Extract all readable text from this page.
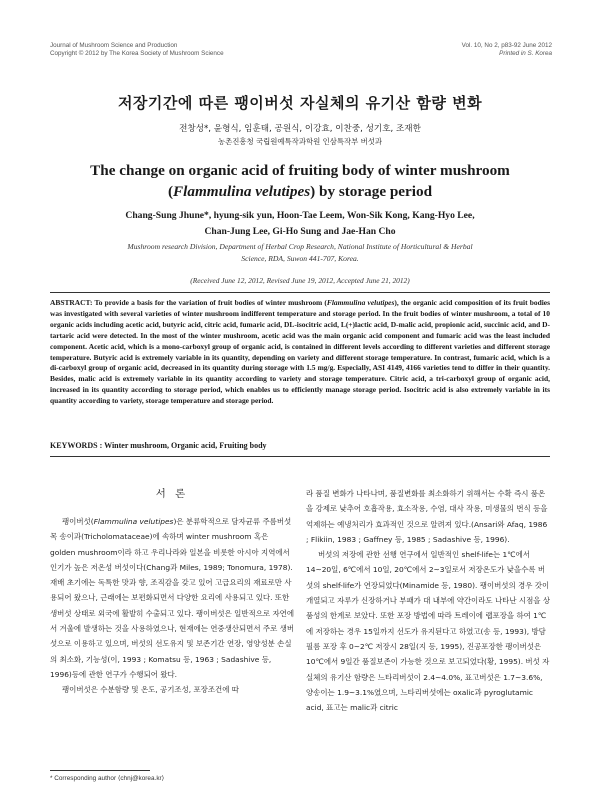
Journal of Mushroom Science and Production
Copyright © 2012 by The Korea Society of Mushroom Science
Vol. 10, No 2, p83-92 June 2012
Printed in S. Korea
저장기간에 따른 팽이버섯 자실체의 유기산 함량 변화
전창성*, 윤형식, 임훈태, 공원식, 이강효, 이찬중, 성기호, 조재한
농촌진흥청 국립원예특작과학원 인삼특작부 버섯과
The change on organic acid of fruiting body of winter mushroom
(Flammulina velutipes) by storage period
Chang-Sung Jhune*, hyung-sik yun, Hoon-Tae Leem, Won-Sik Kong, Kang-Hyo Lee,
Chan-Jung Lee, Gi-Ho Sung and Jae-Han Cho
Mushroom research Division, Department of Herbal Crop Research, National Institute of Horticultural & Herbal
Science, RDA, Suwon 441-707, Korea.
(Received June 12, 2012, Revised June 19, 2012, Accepted June 21, 2012)
ABSTRACT: To provide a basis for the variation of fruit bodies of winter mushroom (Flammulina velutipes), the organic acid composition of its fruit bodies was investigated with several varieties of winter mushroom indifferent temperature and storage period. In the fruit bodies of winter mushroom, a total of 10 organic acids including acetic acid, butyric acid, citric acid, fumaric acid, DL-isocitric acid, L(+)lactic acid, D-malic acid, propionic acid, succinic acid, and D-tartaric acid were detected. In the most of the winter mushroom, acetic acid was the main organic acid component and fumaric acid was the least included component. Acetic acid, which is a mono-carboxyl group of organic acid, is contained in different levels according to different varieties and different storage temperature. Butyric acid is extremely variable in its quantity, depending on variety and different storage temperature. In contrast, fumaric acid, which is a di-carboxyl group of organic acid, decreased in its quantity during storage with 1.5 mg/g. Especially, ASI 4149, 4166 varieties tend to differ in their quantity. Besides, malic acid is extremely variable in its quantity according to variety and storage temperature. Citric acid, a tri-carboxyl group of organic acid, increased in its quantity according to storage period, which enables us to efficiently manage storage period. Isocitric acid is also extremely variable in its quantity according to variety, storage temperature and storage period.
KEYWORDS : Winter mushroom, Organic acid, Fruiting body
서 론

팽이버섯(Flammulina velutipes)은 분류학적으로 담자균류 주름버섯목 송이과(Tricholomataceae)에 속하며 winter mushroom 혹은 golden mushroom이라 하고 우리나라와 일본을 비롯한 아시아 지역에서 인기가 높은 저온성 버섯이다(Chang과 Miles, 1989; Tonomura, 1978). 재배 초기에는 독특한 맛과 향, 조직감을 갖고 있어 고급요리의 재료로만 사용되어 왔으나, 근래에는 보편화되면서 다양한 요리에 사용되고 있다. 또한 생버섯 상태로 외국에 활발히 수출되고 있다. 팽이버섯은 일반적으로 자연에서 겨울에 발생하는 것을 사용하였으나, 현재에는 연중생산되면서 주로 생버섯으로 이용하고 있으며, 버섯의 선도유지 및 보존기간 연장, 영양성분 손실의 최소화, 기능성(이, 1993 ; Komatsu 등, 1963 ; Sadashive 등, 1996)등에 관한 연구가 수행되어 왔다.

팽이버섯은 수분함량 및 온도, 공기조성, 포장조건에 따

라 품질 변화가 나타나며, 품질변화를 최소화하기 위해서는 수확 즉시 품온을 강제로 낮추어 호흡작용, 효소작용, 수염, 대사 작용, 미생물의 번식 등을 억제하는 예냉처리가 효과적인 것으로 알려져 있다.(Ansari와 Afaq, 1986 ; Flikiin, 1983 ; Gaffney 등, 1985 ; Sadashive 등, 1996).

버섯의 저장에 관한 선행 연구에서 일반적인 shelf-life는 1℃에서 14~20일, 6℃에서 10일, 20℃에서 2~3일로서 저장온도가 낮을수록 버섯의 shelf-life가 연장되었다(Minamide 등, 1980). 팽이버섯의 경우 갓이 개열되고 자루가 신장하거나 부패가 대 내부에 약간이라도 나타난 시점을 상품성의 한계로 보았다. 또한 포장 방법에 따라 트레이에 랩포장을 하여 1℃에 저장하는 경우 15일까지 선도가 유지된다고 하였고(송 등, 1993), 방담필름 포장 후 0~2℃ 저장시 28일(지 등, 1995), 진공포장한 팽이버섯은 10℃에서 9일간 품질보존이 가능한 것으로 보고되었다(황, 1995). 버섯 자실체의 유기산 함량은 느타리버섯이 2.4~4.0%, 표고버섯은 1.7~3.6%, 양송이는 1.9~3.1%였으며, 느타리버섯에는 oxalic과 pyroglutamic acid, 표고는 malic과 citric

* Corresponding author ⟨chnj@korea.kr⟩
